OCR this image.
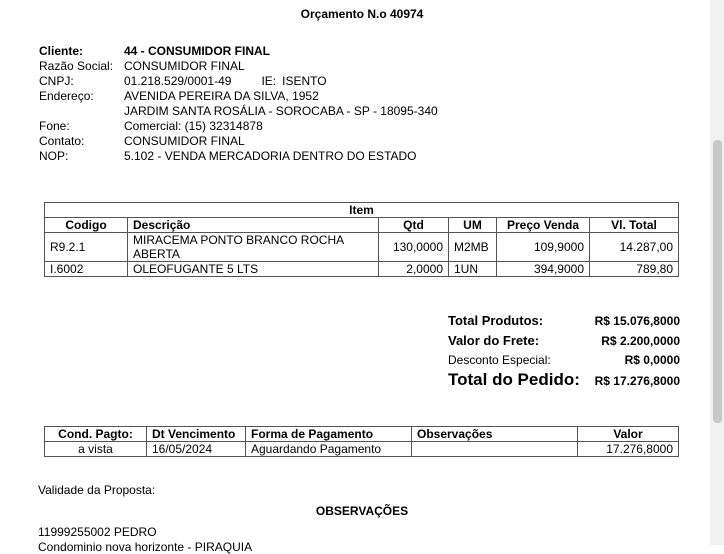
Orçamento N.o 40974
Cliente:	44 - CONSUMIDOR FINAL
Razão Social: CONSUMIDOR FINAL
CNPJ:	01.218.529/0001-49	IE: ISENTO
Endereço:	AVENIDA PEREIRA DA SILVA, 1952
JARDIM SANTA ROSÁLIA - SOROCABA - SP - 18095-340
Fone:	Comercial: (15) 32314878
Contato:	CONSUMIDOR FINAL
NOP:	5.102 - VENDA MERCADORIA DENTRO DO ESTADO
Item					
Codigo	Descrição	Qtd	UM	Preço Venda	Vl. Total
R9.2.1	MIRACEMA PONTO BRANCO ROCHA ABERTA	130,0000	M2MB	109,9000	14.287,00
I.6002	OLEOFUGANTE 5 LTS	2,0000	1UN	394,9000	789,80
Total Produtos:	R$ 15.076,8000
Valor do Frete:	R$ 2.200,0000
Desconto Especial:	R$ 0,0000
Total do Pedido: R$ 17.276,8000
Cond. Pagto:	Dt Vencimento	Forma de Pagamento	Observações	Valor
a vista	16/05/2024	Aguardando Pagamento		17.276,8000
Validade da Proposta:
OBSERVAÇÕES
11999255002 PEDRO
Condominio nova horizonte - PIRAQUIA
